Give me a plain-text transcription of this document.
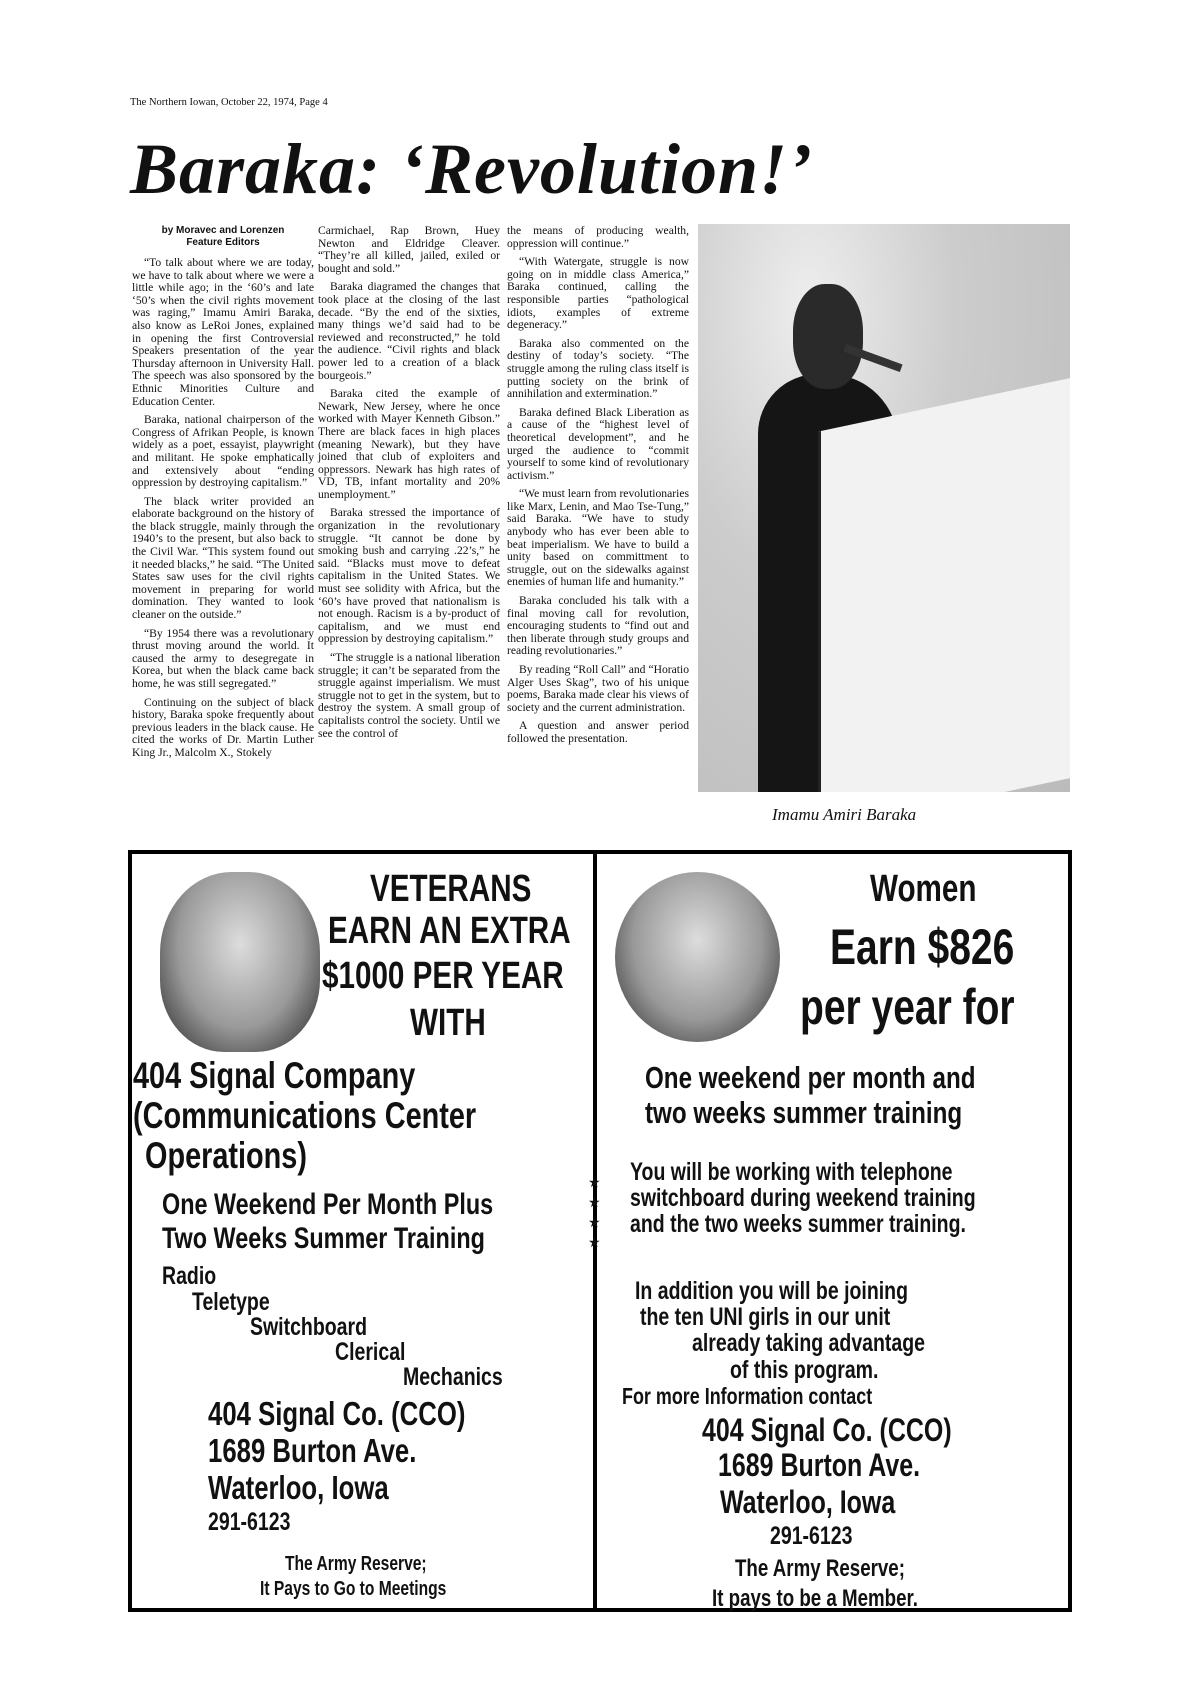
The Northern Iowan, October 22, 1974, Page 4
Baraka: ‘Revolution!’
by Moravec and Lorenzen
Feature Editors

“To talk about where we are today, we have to talk about where we were a little while ago; in the ‘60’s and late ‘50’s when the civil rights movement was raging,” Imamu Amiri Baraka, also know as LeRoi Jones, explained in opening the first Controversial Speakers presentation of the year Thursday afternoon in University Hall. The speech was also sponsored by the Ethnic Minorities Culture and Education Center.

Baraka, national chairperson of the Congress of Afrikan People, is known widely as a poet, essayist, playwright and militant. He spoke emphatically and extensively about “ending oppression by destroying capitalism.”

The black writer provided an elaborate background on the history of the black struggle, mainly through the 1940’s to the present, but also back to the Civil War. “This system found out it needed blacks,” he said. “The United States saw uses for the civil rights movement in preparing for world domination. They wanted to look cleaner on the outside.”

“By 1954 there was a revolutionary thrust moving around the world. It caused the army to desegregate in Korea, but when the black came back home, he was still segregated.”

Continuing on the subject of black history, Baraka spoke frequently about previous leaders in the black cause. He cited the works of Dr. Martin Luther King Jr., Malcolm X., Stokely

Carmichael, Rap Brown, Huey Newton and Eldridge Cleaver. “They’re all killed, jailed, exiled or bought and sold.”

Baraka diagramed the changes that took place at the closing of the last decade. “By the end of the sixties, many things we’d said had to be reviewed and reconstructed,” he told the audience. “Civil rights and black power led to a creation of a black bourgeois.”

Baraka cited the example of Newark, New Jersey, where he once worked with Mayer Kenneth Gibson.” There are black faces in high places (meaning Newark), but they have joined that club of exploiters and oppressors. Newark has high rates of VD, TB, infant mortality and 20% unemployment.”

Baraka stressed the importance of organization in the revolutionary struggle. “It cannot be done by smoking bush and carrying .22’s,” he said. “Blacks must move to defeat capitalism in the United States. We must see solidity with Africa, but the ‘60’s have proved that nationalism is not enough. Racism is a by-product of capitalism, and we must end oppression by destroying capitalism.”

“The struggle is a national liberation struggle; it can’t be separated from the struggle against imperialism. We must struggle not to get in the system, but to destroy the system. A small group of capitalists control the society. Until we see the control of

the means of producing wealth, oppression will continue.”

“With Watergate, struggle is now going on in middle class America,” Baraka continued, calling the responsible parties “pathological idiots, examples of extreme degeneracy.”

Baraka also commented on the destiny of today’s society. “The struggle among the ruling class itself is putting society on the brink of annihilation and extermination.”

Baraka defined Black Liberation as a cause of the “highest level of theoretical development”, and he urged the audience to “commit yourself to some kind of revolutionary activism.”

“We must learn from revolutionaries like Marx, Lenin, and Mao Tse-Tung,” said Baraka. “We have to study anybody who has ever been able to beat imperialism. We have to build a unity based on committment to struggle, out on the sidewalks against enemies of human life and humanity.”

Baraka concluded his talk with a final moving call for revolution, encouraging students to “find out and then liberate through study groups and reading revolutionaries.”

By reading “Roll Call” and “Horatio Alger Uses Skag”, two of his unique poems, Baraka made clear his views of society and the current administration.

A question and answer period followed the presentation.

Imamu Amiri Baraka
VETERANS
EARN AN EXTRA
$1000 PER YEAR
WITH
404 Signal Company
(Communications Center
Operations)
One Weekend Per Month Plus
Two Weeks Summer Training
Radio
Teletype
Switchboard
Clerical
Mechanics
404 Signal Co. (CCO)
1689 Burton Ave.
Waterloo, Iowa
291-6123
The Army Reserve;
It Pays to Go to Meetings
★
★
★
★
Women
Earn $826
per year for
One weekend per month and
two weeks summer training
You will be working with telephone
switchboard during weekend training
and the two weeks summer training.
In addition you will be joining
the ten UNI girls in our unit
already taking advantage
of this program.
For more Information contact
404 Signal Co. (CCO)
1689 Burton Ave.
Waterloo, Iowa
291-6123
The Army Reserve;
It pays to be a Member.
